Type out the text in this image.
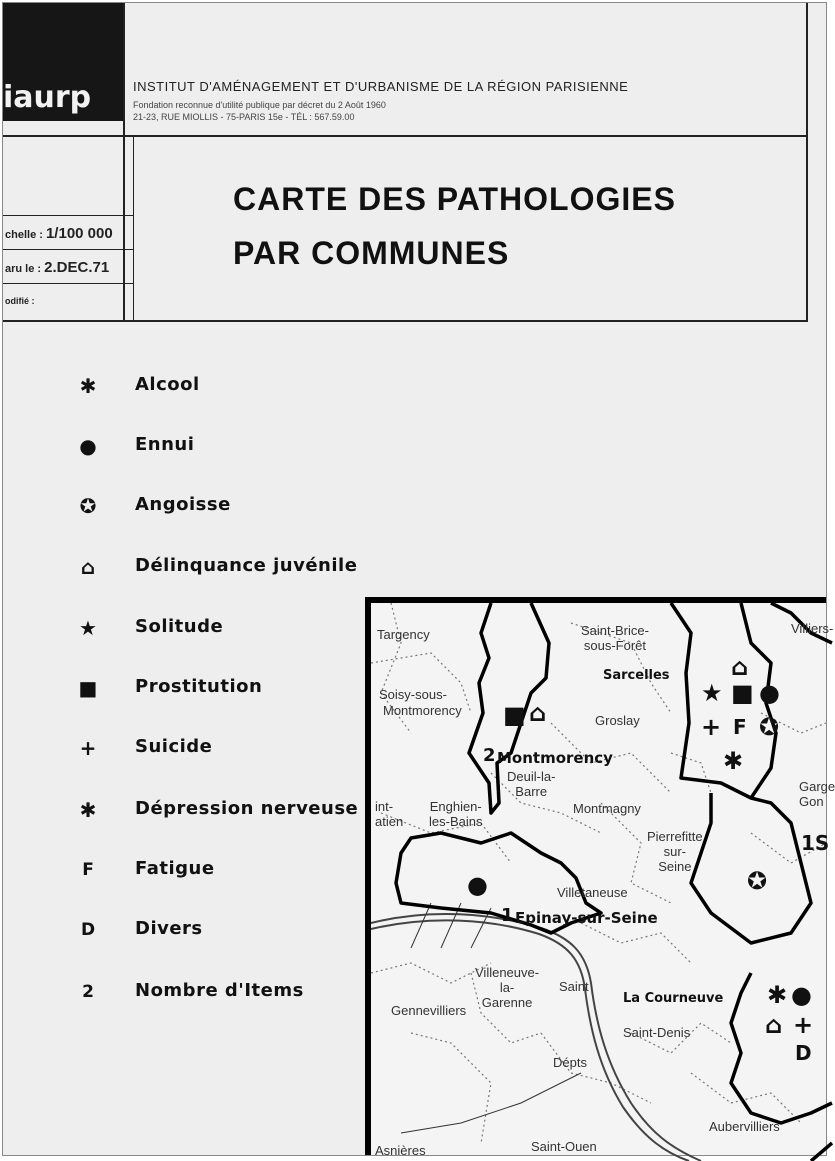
iaurp	INSTITUT D'AMÉNAGEMENT ET D'URBANISME DE LA RÉGION PARISIENNE
Fondation reconnue d'utilité publique par décret du 2 Août 1960
21-23, RUE MIOLLIS - 75-PARIS 15e - TÉL : 567.59.00
chelle : 1/100 000
aru le : 2.DEC.71
odifié :
CARTE DES PATHOLOGIES
PAR COMMUNES
✱	Alcool
●	Ennui
✪	Angoisse
⌂	Délinquance juvénile
★	Solitude
■	Prostitution
+	Suicide
✱	Dépression nerveuse
F	Fatigue
D	Divers
2	Nombre d'Items
Targency	Saint-Brice-
sous-Forêt
Villiers-
Soisy-sous-
Montmorency
Sarcelles
Groslay
2 Montmorency
Deuil-la-
Barre
Montmagny
int-
atien
Enghien-
les-Bains
Pierrefitte
sur-
Seine
Garge
Gon
Villetaneuse
1 Epinay-sur-Seine
1S
Villeneuve-
la-
Garenne
Gennevilliers
Saint
La Courneuve
Saint-Denis
Dépts
Aubervilliers
Saint-Ouen
Asnières
■ ⌂
⌂
★ ■ ●
+ F ✪
✱
●	✪
✱ ●
⌂ +
D
